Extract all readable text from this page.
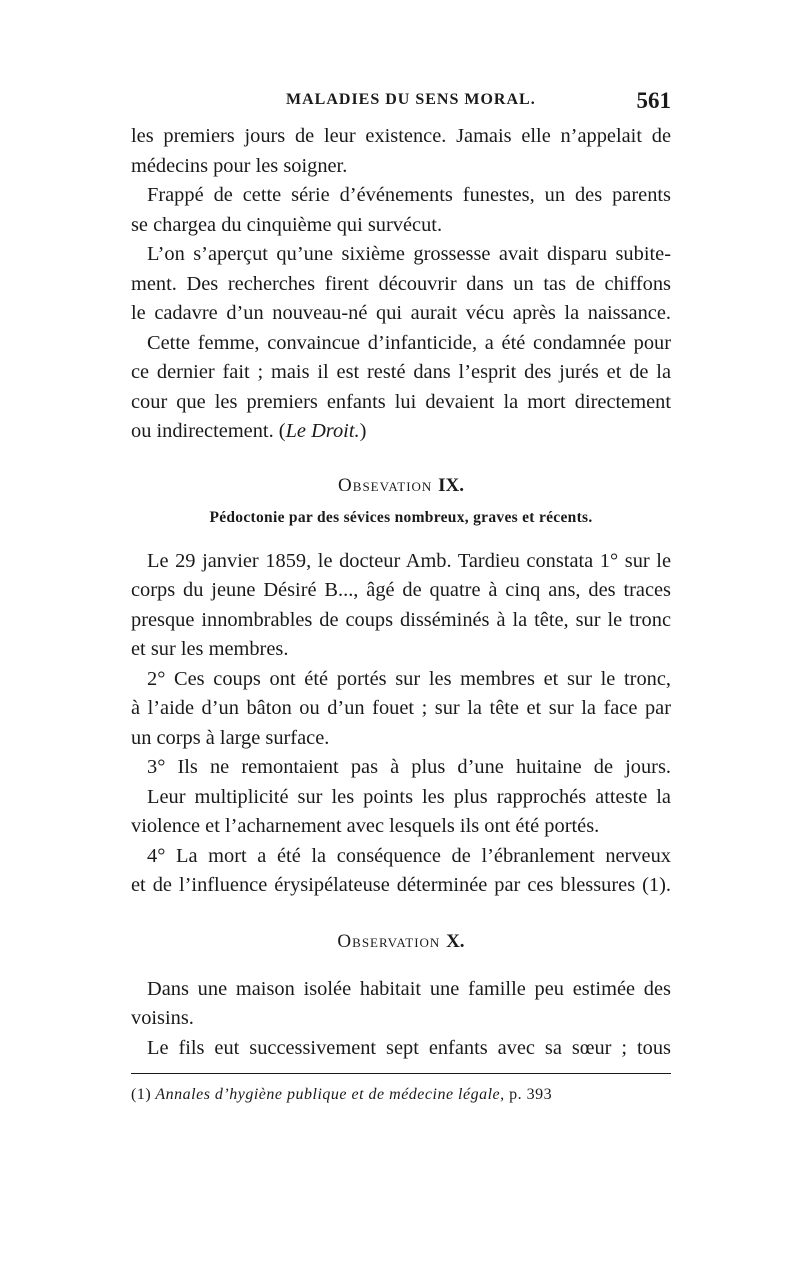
MALADIES DU SENS MORAL.	561

les premiers jours de leur existence. Jamais elle n’appelait de
médecins pour les soigner.

Frappé de cette série d’événements funestes, un des parents
se chargea du cinquième qui survécut.

L’on s’aperçut qu’une sixième grossesse avait disparu subite-
ment. Des recherches firent découvrir dans un tas de chiffons
le cadavre d’un nouveau-né qui aurait vécu après la naissance.

Cette femme, convaincue d’infanticide, a été condamnée pour
ce dernier fait ; mais il est resté dans l’esprit des jurés et de la
cour que les premiers enfants lui devaient la mort directement
ou indirectement. (Le Droit.)

Obsevation IX.

Pédoctonie par des sévices nombreux, graves et récents.

Le 29 janvier 1859, le docteur Amb. Tardieu constata 1° sur le
corps du jeune Désiré B..., âgé de quatre à cinq ans, des traces
presque innombrables de coups disséminés à la tête, sur le tronc
et sur les membres.

2° Ces coups ont été portés sur les membres et sur le tronc,
à l’aide d’un bâton ou d’un fouet ; sur la tête et sur la face par
un corps à large surface.

3° Ils ne remontaient pas à plus d’une huitaine de jours.

Leur multiplicité sur les points les plus rapprochés atteste la
violence et l’acharnement avec lesquels ils ont été portés.

4° La mort a été la conséquence de l’ébranlement nerveux
et de l’influence érysipélateuse déterminée par ces blessures (1).

Observation X.

Dans une maison isolée habitait une famille peu estimée des
voisins.

Le fils eut successivement sept enfants avec sa sœur ; tous

(1) Annales d’hygiène publique et de médecine légale, p. 393
